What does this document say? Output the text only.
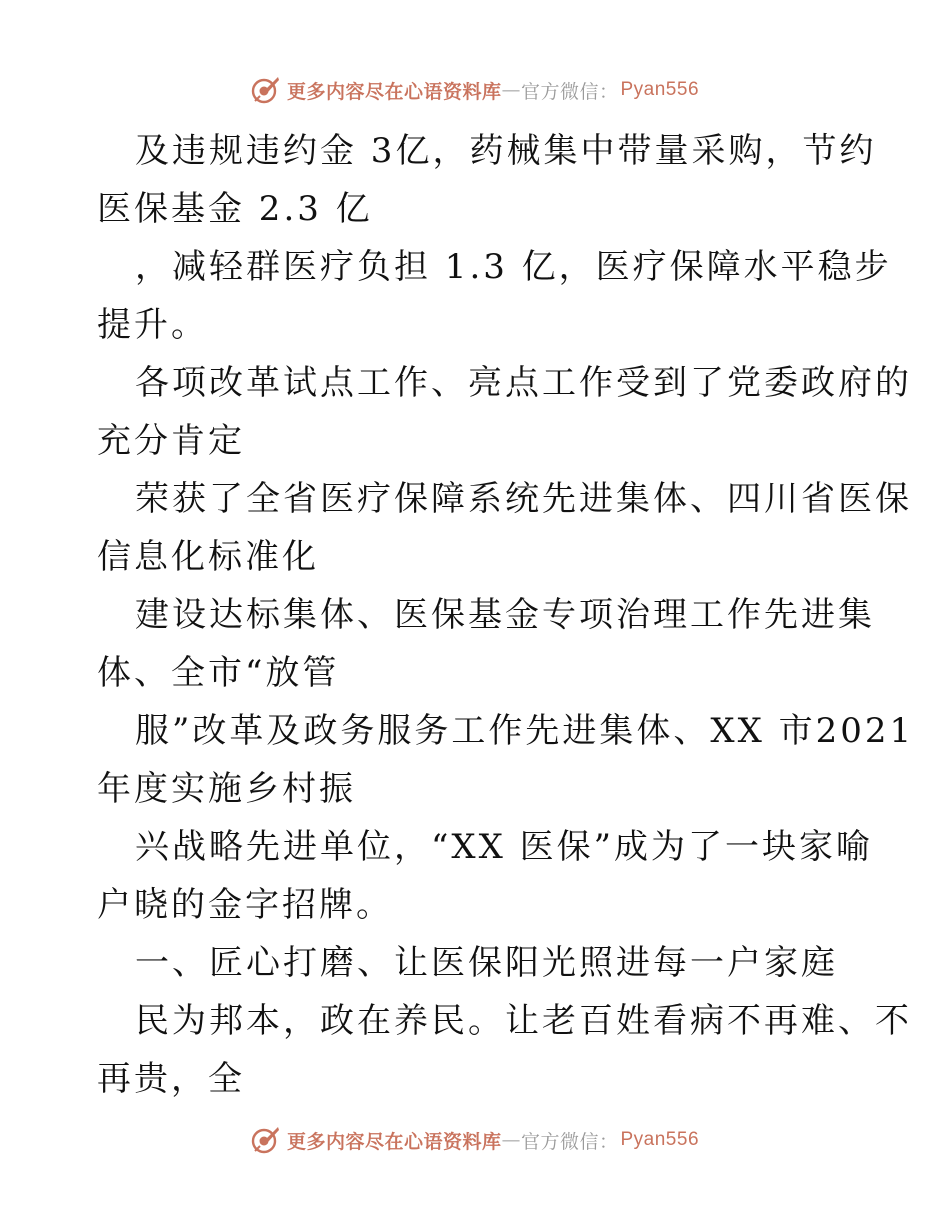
更多内容尽在心语资料库 — 官方微信： Pyan556
及违规违约金 3亿，药械集中带量采购，节约
医保基金 2.3 亿
，减轻群医疗负担 1.3 亿，医疗保障水平稳步
提升。
各项改革试点工作、亮点工作受到了党委政府的
充分肯定
荣获了全省医疗保障系统先进集体、四川省医保
信息化标准化
建设达标集体、医保基金专项治理工作先进集
体、全市“放管
服”改革及政务服务工作先进集体、XX 市2021
年度实施乡村振
兴战略先进单位，“XX 医保”成为了一块家喻
户晓的金字招牌。
一、匠心打磨、让医保阳光照进每一户家庭
民为邦本，政在养民。让老百姓看病不再难、不
再贵，全
更多内容尽在心语资料库 — 官方微信： Pyan556
